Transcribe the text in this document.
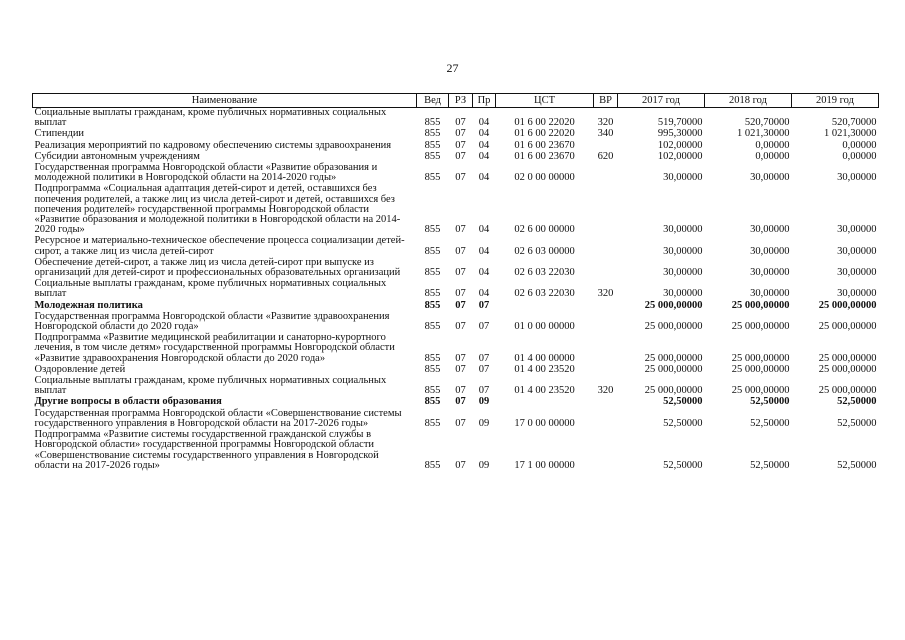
27
Наименование	Вед	РЗ	Пр	ЦСТ	ВР	2017 год	2018 год	2019 год
Социальные выплаты гражданам, кроме публичных нормативных социальных выплат	855	07	04	01 6 00 22020	320	519,70000	520,70000	520,70000
Стипендии	855	07	04	01 6 00 22020	340	995,30000	1 021,30000	1 021,30000
Реализация мероприятий по кадровому обеспечению системы здравоохранения	855	07	04	01 6 00 23670		102,00000	0,00000	0,00000
Субсидии автономным учреждениям	855	07	04	01 6 00 23670	620	102,00000	0,00000	0,00000
Государственная программа Новгородской области «Развитие образования и молодежной политики в Новгородской области на 2014-2020 годы»	855	07	04	02 0 00 00000		30,00000	30,00000	30,00000
Подпрограмма «Социальная адаптация детей-сирот и детей, оставшихся без попечения родителей, а также лиц из числа детей-сирот и детей, оставшихся без попечения родителей» государственной программы Новгородской области «Развитие образования и молодежной политики в Новгородской области на 2014-2020 годы»	855	07	04	02 6 00 00000		30,00000	30,00000	30,00000
Ресурсное и материально-техническое обеспечение процесса социализации детей-сирот, а также лиц из числа детей-сирот	855	07	04	02 6 03 00000		30,00000	30,00000	30,00000
Обеспечение детей-сирот, а также лиц из числа детей-сирот при выпуске из организаций для детей-сирот и профессиональных образовательных организаций	855	07	04	02 6 03 22030		30,00000	30,00000	30,00000
Социальные выплаты гражданам, кроме публичных нормативных социальных выплат	855	07	04	02 6 03 22030	320	30,00000	30,00000	30,00000
Молодежная политика	855	07	07			25 000,00000	25 000,00000	25 000,00000
Государственная программа Новгородской области «Развитие здравоохранения Новгородской области до 2020 года»	855	07	07	01 0 00 00000		25 000,00000	25 000,00000	25 000,00000
Подпрограмма «Развитие медицинской реабилитации и санаторно-курортного лечения, в том числе детям» государственной программы Новгородской области «Развитие здравоохранения Новгородской области до 2020 года»	855	07	07	01 4 00 00000		25 000,00000	25 000,00000	25 000,00000
Оздоровление детей	855	07	07	01 4 00 23520		25 000,00000	25 000,00000	25 000,00000
Социальные выплаты гражданам, кроме публичных нормативных социальных выплат	855	07	07	01 4 00 23520	320	25 000,00000	25 000,00000	25 000,00000
Другие вопросы в области образования	855	07	09			52,50000	52,50000	52,50000
Государственная программа Новгородской области «Совершенствование системы государственного управления в Новгородской области на 2017-2026 годы»	855	07	09	17 0 00 00000		52,50000	52,50000	52,50000
Подпрограмма «Развитие системы государственной гражданской службы в Новгородской области» государственной программы Новгородской области «Совершенствование системы государственного управления в Новгородской области на 2017-2026 годы»	855	07	09	17 1 00 00000		52,50000	52,50000	52,50000
